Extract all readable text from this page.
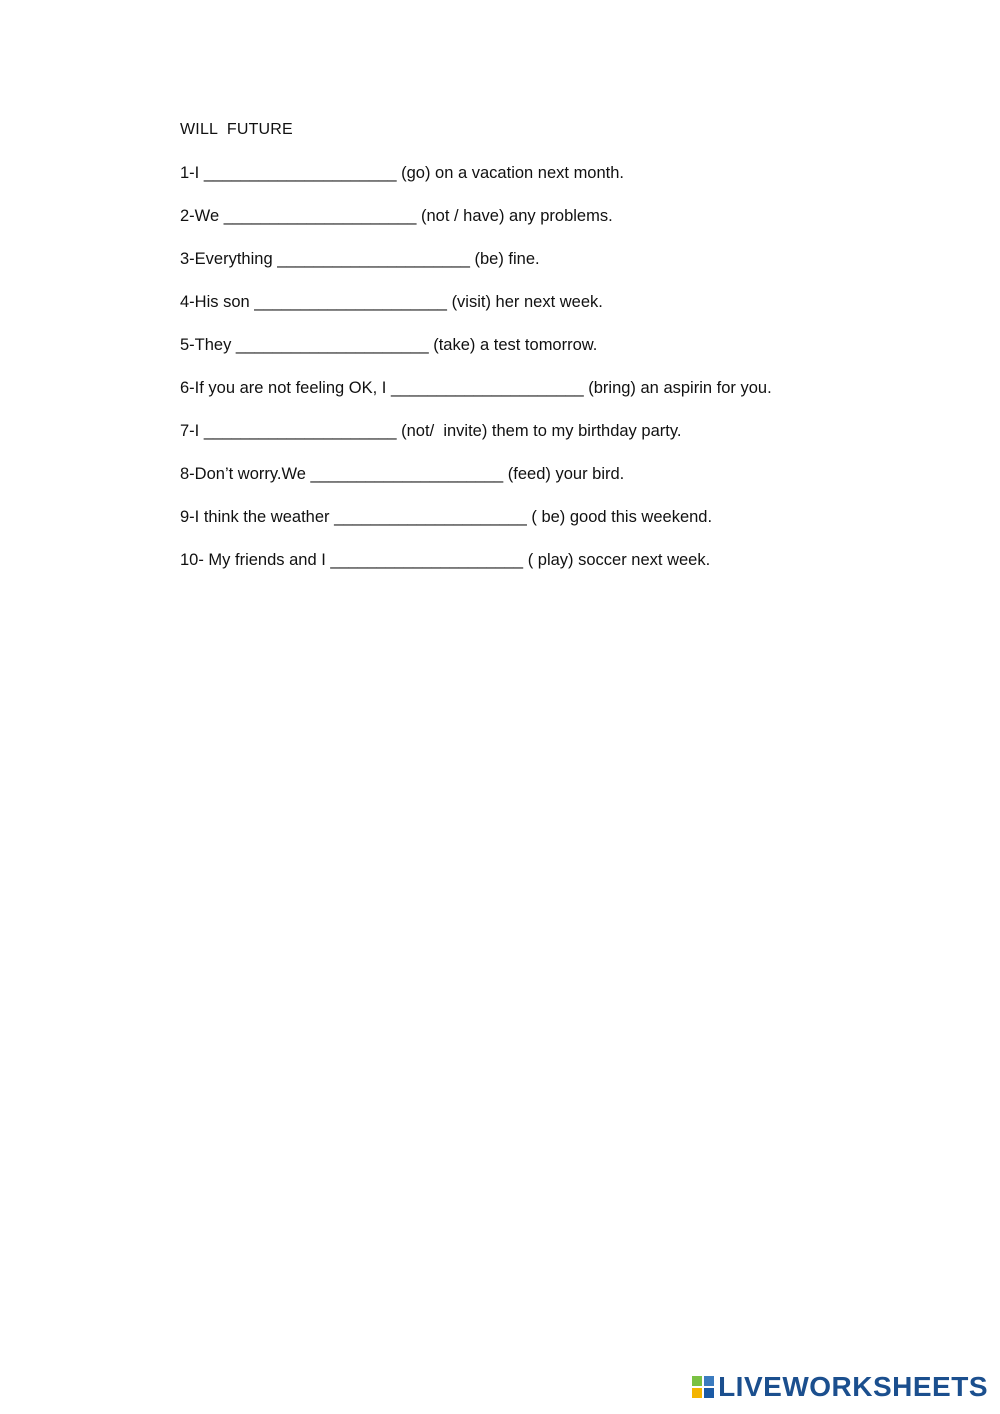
WILL  FUTURE
1-I _____________________ (go) on a vacation next month.
2-We _____________________ (not / have) any problems.
3-Everything _____________________ (be) fine.
4-His son _____________________ (visit) her next week.
5-They _____________________ (take) a test tomorrow.
6-If you are not feeling OK, I _____________________ (bring) an aspirin for you.
7-I _____________________ (not/  invite) them to my birthday party.
8-Don’t worry.We _____________________ (feed) your bird.
9-I think the weather _____________________ ( be) good this weekend.
10- My friends and I _____________________ ( play) soccer next week.
LIVEWORKSHEETS
